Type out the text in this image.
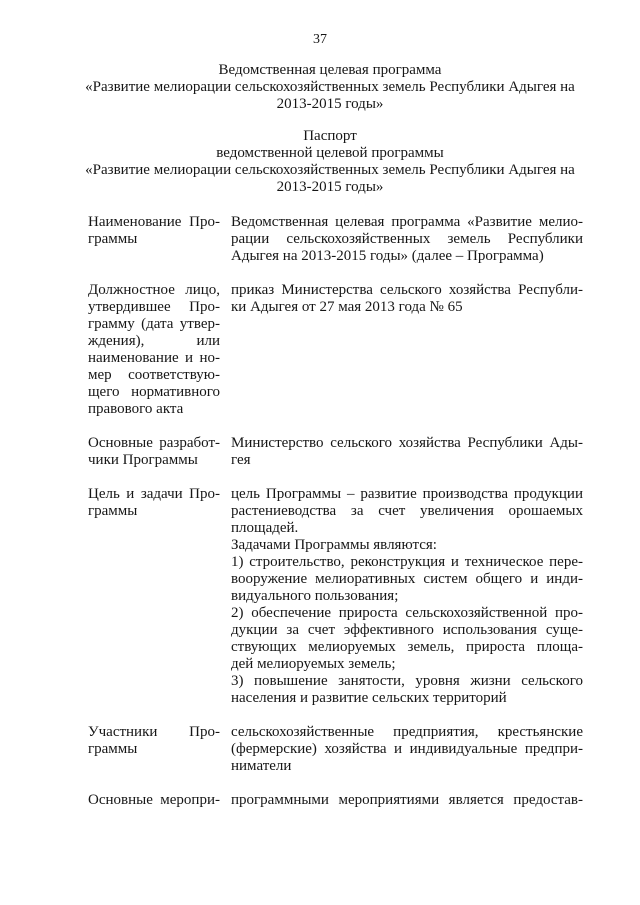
37
Ведомственная целевая программа
«Развитие мелиорации сельскохозяйственных земель Республики Адыгея на
2013-2015 годы»
Паспорт
ведомственной целевой программы
«Развитие мелиорации сельскохозяйственных земель Республики Адыгея на
2013-2015 годы»
Наименование Про-
граммы
Ведомственная целевая программа «Развитие мелио-
рации сельскохозяйственных земель Республики
Адыгея на 2013-2015 годы» (далее – Программа)
Должностное лицо,
утвердившее Про-
грамму (дата утвер-
ждения), или
наименование и но-
мер соответствую-
щего нормативного
правового акта
приказ Министерства сельского хозяйства Республи-
ки Адыгея от 27 мая 2013 года № 65
Основные разработ-
чики Программы
Министерство сельского хозяйства Республики Ады-
гея
Цель и задачи Про-
граммы
цель Программы – развитие производства продукции
растениеводства за счет увеличения орошаемых
площадей.
Задачами Программы являются:
1) строительство, реконструкция и техническое пере-
вооружение мелиоративных систем общего и инди-
видуального пользования;
2) обеспечение прироста сельскохозяйственной про-
дукции за счет эффективного использования суще-
ствующих мелиоруемых земель, прироста площа-
дей мелиоруемых земель;
3) повышение занятости, уровня жизни сельского
населения и развитие сельских территорий
Участники Про-
граммы
сельскохозяйственные предприятия, крестьянские
(фермерские) хозяйства и индивидуальные предпри-
ниматели
Основные меропри- программными мероприятиями является предостав-
